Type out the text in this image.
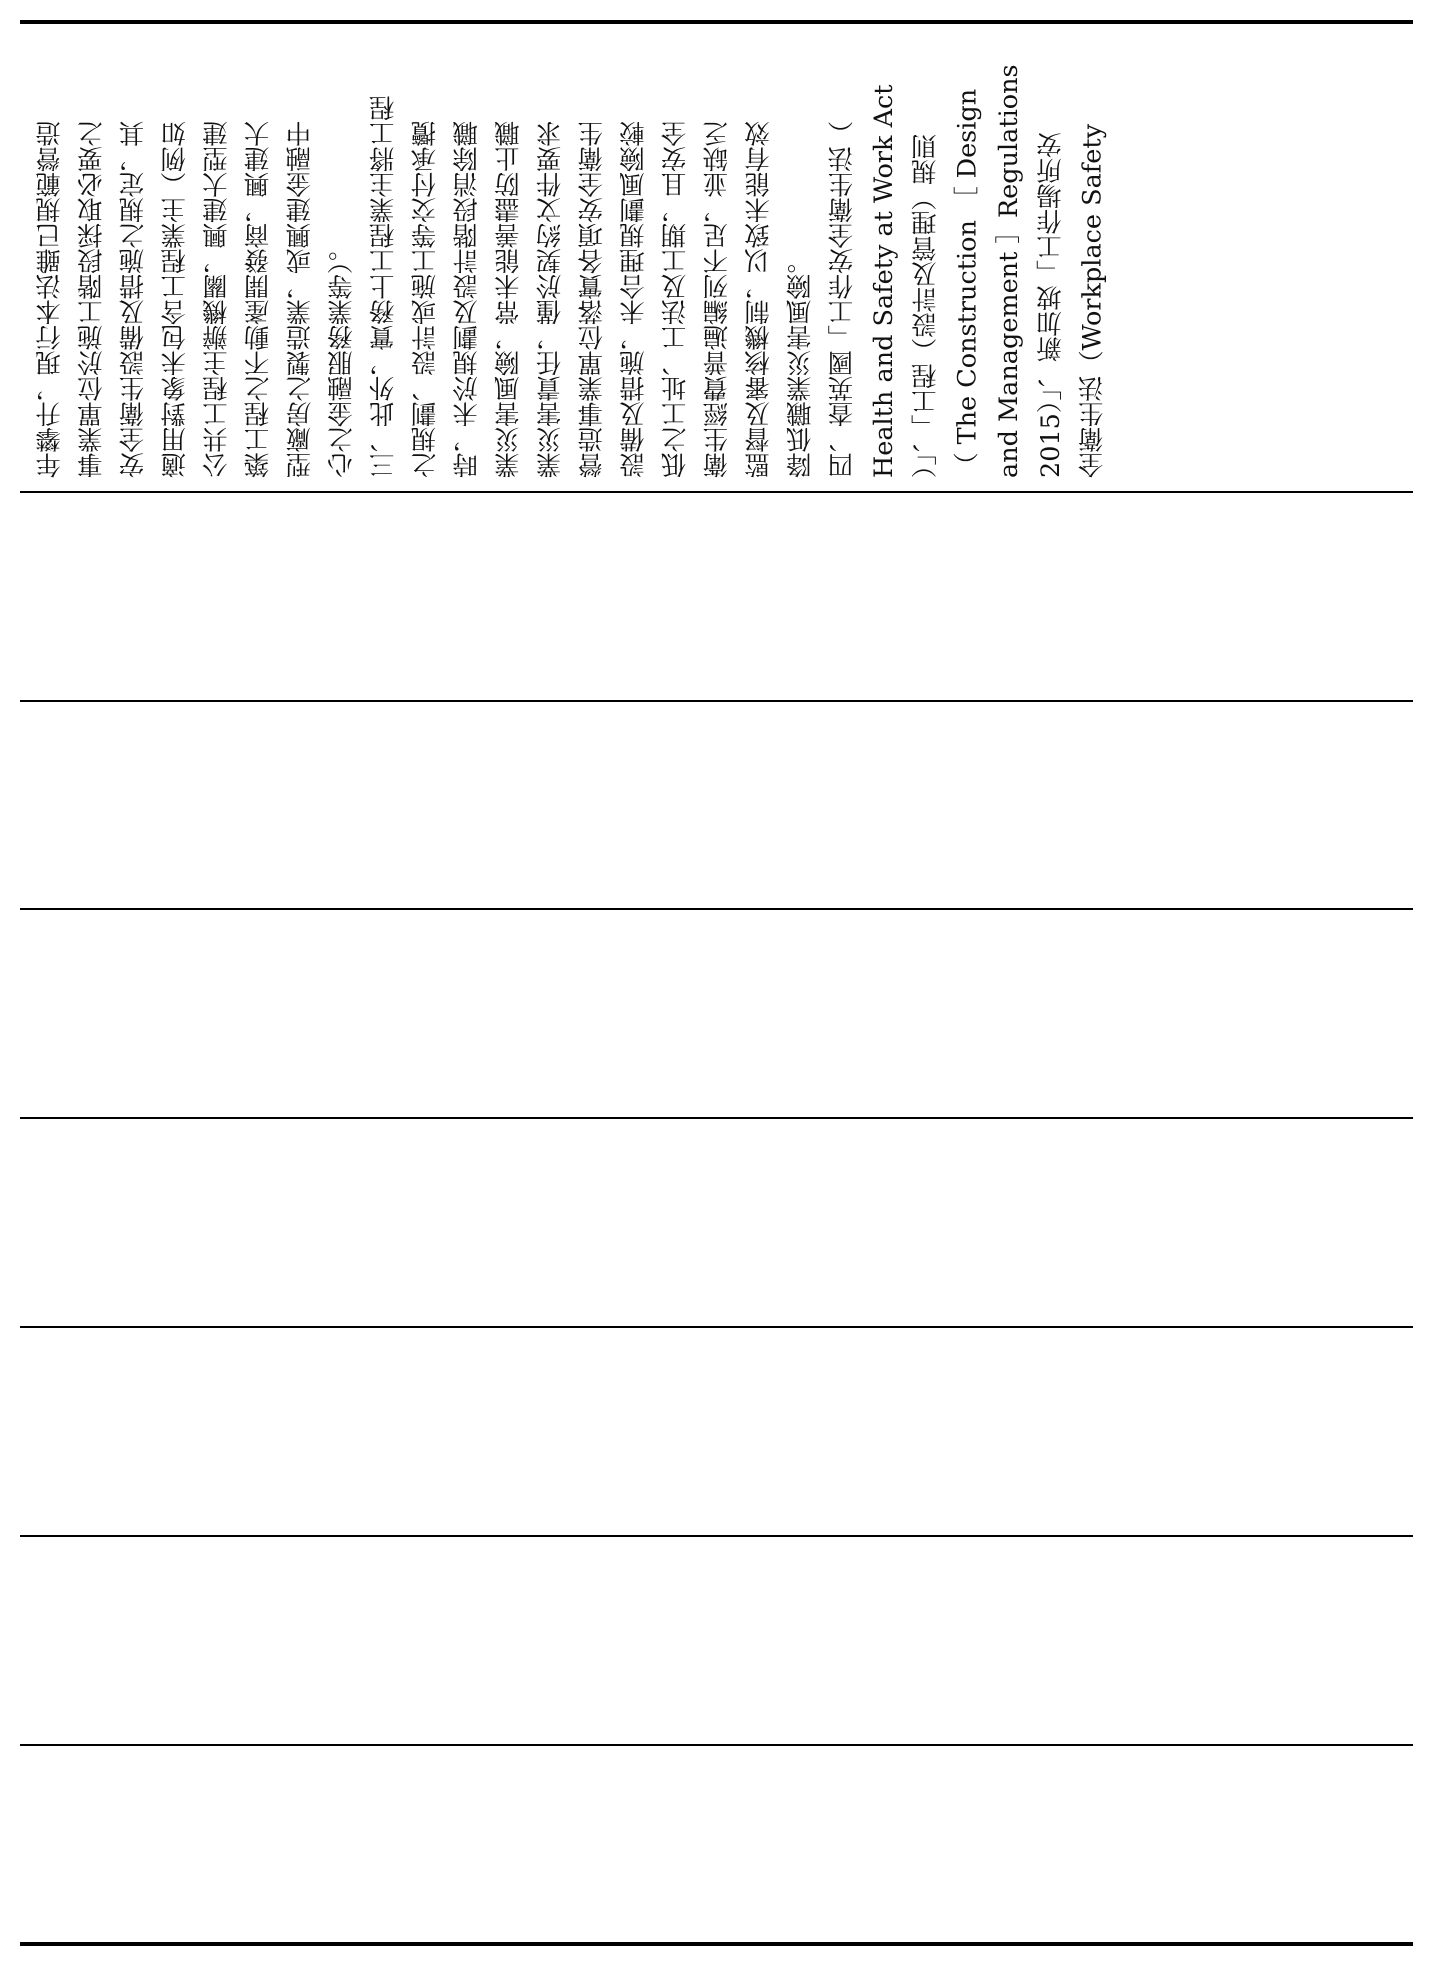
年攀升，現行本法雖已規範營造 事業單位於施工階段採取必要之 安全衛生設備及措施之規定，其 適用對象未包含工程業主（例如 公共工程主辦機關，興建大型建 築工程之不動產開發商，興建大 型廠房之製造業，或興建金融中 心之金融服務業等）。 三、此外，實務上工程業主將工程 之規劃、設計或施工等交付承攬 時，未於規劃及設計階段消除職 業災害風險，常未能善盡防止職 業災害責任，僅於契約文件要求 營造事業單位落實各項安全衛生 設備及措施，未合理規劃風險較 低之工址、工法及工期，且安全 衛生經費普遍編列不足，並缺乏 監督及審核機制，以致未能有效 降低職業災害風險。 四、查英國「工作安全衛生法（ Health and Safety at Work Act ）」、「工程（設計及管理）規則 （ The Construction ［ Design and Management ］Regulations 2015）」、新加坡「工作場所安 全衛生法（Workplace Safety
